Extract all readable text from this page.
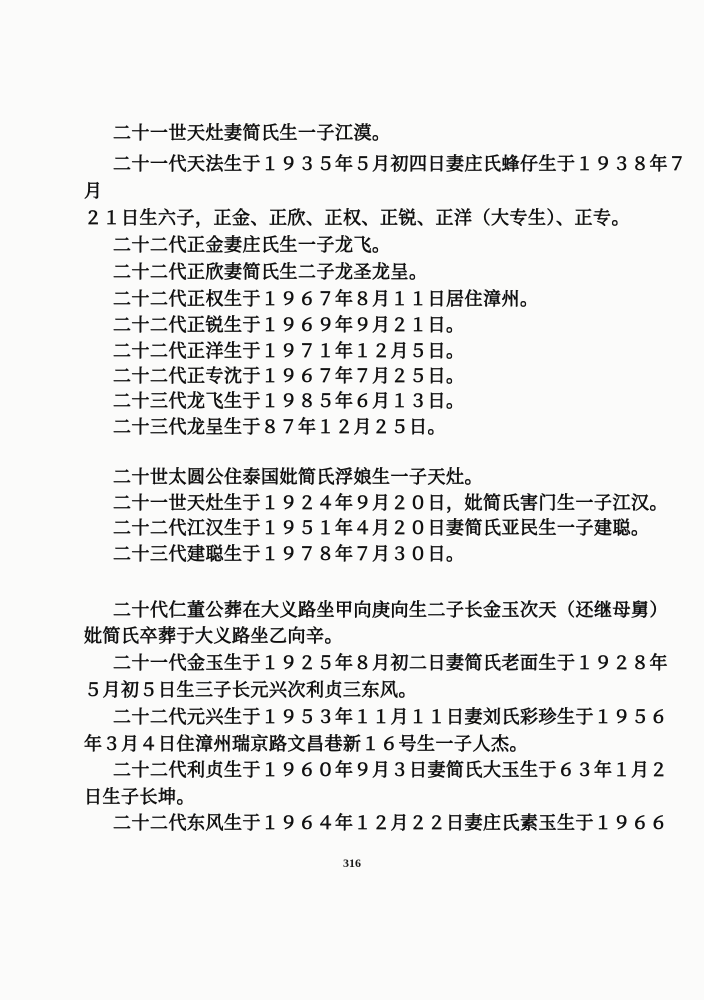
二十一世天灶妻简氏生一子江漠。
二十一代天法生于１９３５年５月初四日妻庄氏蜂仔生于１９３８年７
月
２１日生六子，正金、正欣、正权、正锐、正洋（大专生）、正专。
二十二代正金妻庄氏生一子龙飞。
二十二代正欣妻简氏生二子龙圣龙呈。
二十二代正权生于１９６７年８月１１日居住漳州。
二十二代正锐生于１９６９年９月２１日。
二十二代正洋生于１９７１年１２月５日。
二十二代正专沈于１９６７年７月２５日。
二十三代龙飞生于１９８５年６月１３日。
二十三代龙呈生于８７年１２月２５日。
二十世太圆公住泰国妣简氏浮娘生一子天灶。
二十一世天灶生于１９２４年９月２０日，妣简氏害门生一子江汉。
二十二代江汉生于１９５１年４月２０日妻简氏亚民生一子建聪。
二十三代建聪生于１９７８年７月３０日。
二十代仁董公葬在大义路坐甲向庚向生二子长金玉次天（还继母舅）
妣简氏卒葬于大义路坐乙向辛。
二十一代金玉生于１９２５年８月初二日妻简氏老面生于１９２８年
５月初５日生三子长元兴次利贞三东风。
二十二代元兴生于１９５３年１１月１１日妻刘氏彩珍生于１９５６
年３月４日住漳州瑞京路文昌巷新１６号生一子人杰。
二十二代利贞生于１９６０年９月３日妻简氏大玉生于６３年１月２
日生子长坤。
二十二代东风生于１９６４年１２月２２日妻庄氏素玉生于１９６６
316
